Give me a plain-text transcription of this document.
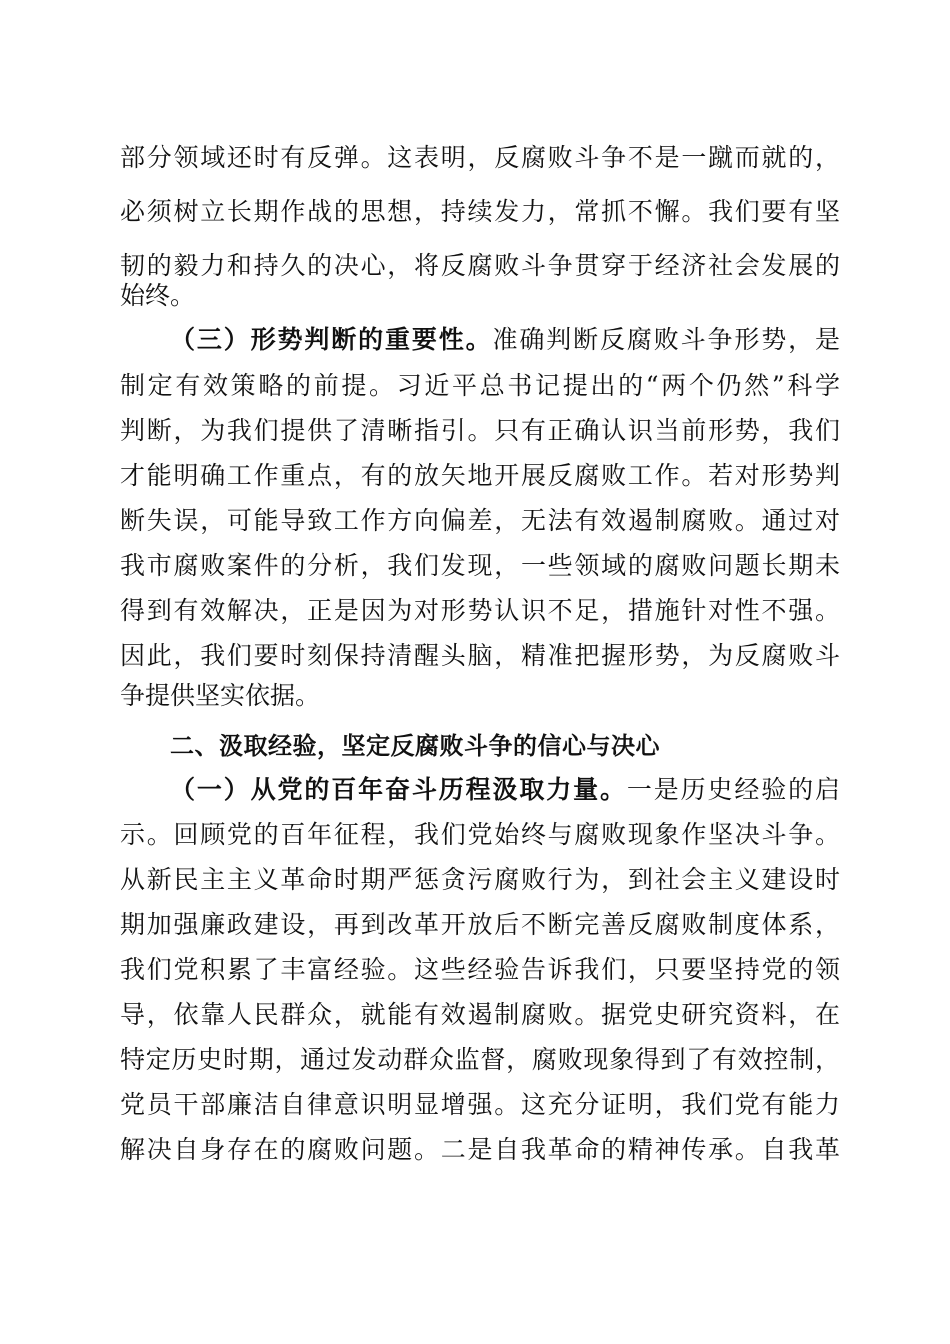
部分领域还时有反弹。这表明，反腐败斗争不是一蹴而就的，
必须树立长期作战的思想，持续发力，常抓不懈。我们要有坚
韧的毅力和持久的决心，将反腐败斗争贯穿于经济社会发展的
始终。
（三）形势判断的重要性。准确判断反腐败斗争形势，是
制定有效策略的前提。习近平总书记提出的“两个仍然”科学
判断，为我们提供了清晰指引。只有正确认识当前形势，我们
才能明确工作重点，有的放矢地开展反腐败工作。若对形势判
断失误，可能导致工作方向偏差，无法有效遏制腐败。通过对
我市腐败案件的分析，我们发现，一些领域的腐败问题长期未
得到有效解决，正是因为对形势认识不足，措施针对性不强。
因此，我们要时刻保持清醒头脑，精准把握形势，为反腐败斗
争提供坚实依据。
二、汲取经验，坚定反腐败斗争的信心与决心
（一）从党的百年奋斗历程汲取力量。一是历史经验的启
示。回顾党的百年征程，我们党始终与腐败现象作坚决斗争。
从新民主主义革命时期严惩贪污腐败行为，到社会主义建设时
期加强廉政建设，再到改革开放后不断完善反腐败制度体系，
我们党积累了丰富经验。这些经验告诉我们，只要坚持党的领
导，依靠人民群众，就能有效遏制腐败。据党史研究资料，在
特定历史时期，通过发动群众监督，腐败现象得到了有效控制，
党员干部廉洁自律意识明显增强。这充分证明，我们党有能力
解决自身存在的腐败问题。二是自我革命的精神传承。自我革
